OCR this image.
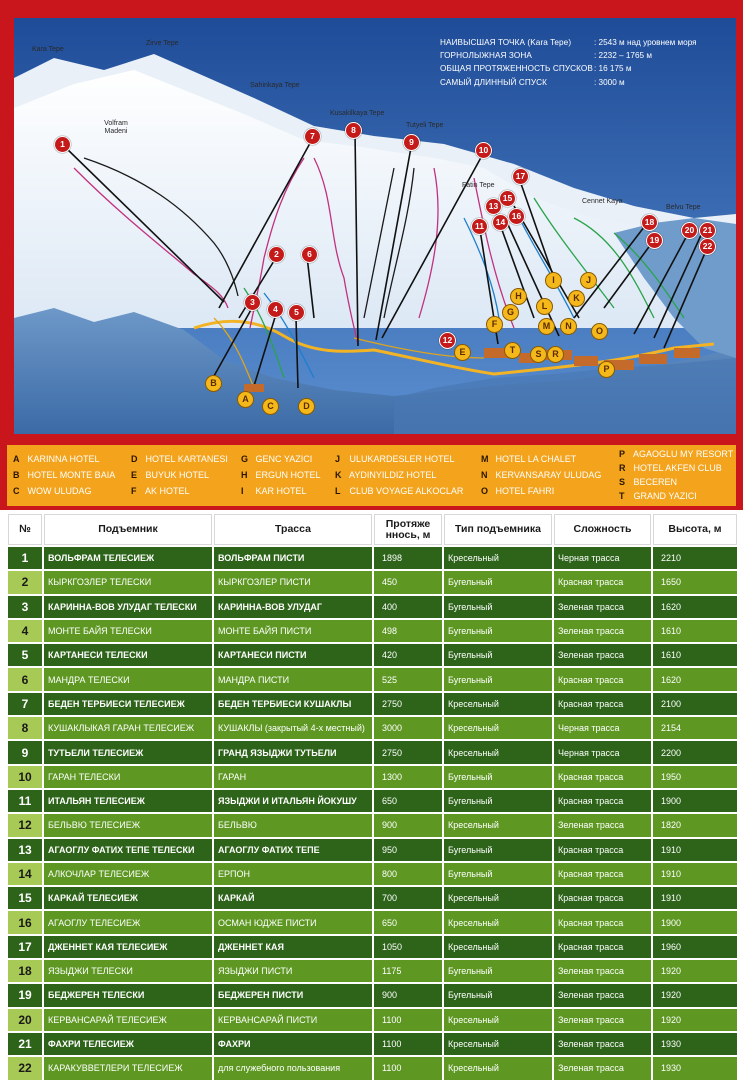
НАИВЫСШАЯ ТОЧКА (Kara Tepe)	: 2543 м над уровнем моря
ГОРНОЛЫЖНАЯ ЗОНА	: 2232 – 1765 м
ОБЩАЯ ПРОТЯЖЕННОСТЬ СПУСКОВ : 16 175 м
САМЫЙ ДЛИННЫЙ СПУСК	: 3000 м
Kara Tepe
Zirve Tepe
Sahinkaya Tepe
Volfram Madeni
Kusakilkaya Tepe
Tutyeli Tepe
Fatin Tepe
Cennet Kaya
Belvu Tepe
1
2
3
4	5
6
7
8
9
10
11
12
13
14
15
16
17
18
19
20	21
22
A
B
C	D
E
F
G
H
I	J
K
L
M	N	O
P
R
S
T
A KARINNA HOTEL
B HOTEL MONTE BAIA
C WOW ULUDAG
D HOTEL KARTANESI
E BUYUK HOTEL
F AK HOTEL
G GENC YAZICI
H ERGUN HOTEL
I KAR HOTEL
J ULUKARDESLER HOTEL
K AYDINYILDIZ HOTEL
L CLUB VOYAGE ALKOCLAR
M HOTEL LA CHALET
N KERVANSARAY ULUDAG
O HOTEL FAHRI
P AGAOGLU MY RESORT
R HOTEL AKFEN CLUB
S BECEREN
T GRAND YAZICI
№	Подъемник	Трасса	Протяже ннось, м	Тип подъемника	Сложность	Высота, м
1	ВОЛЬФРАМ ТЕЛЕСИЕЖ	ВОЛЬФРАМ ПИСТИ	1898	Кресельный	Черная трасса	2210
2	КЫРКГОЗЛЕР ТЕЛЕСКИ	КЫРКГОЗЛЕР ПИСТИ	450	Бугельный	Красная трасса	1650
3	КАРИННА-ВОВ УЛУДАГ ТЕЛЕСКИ	КАРИННА-ВОВ УЛУДАГ	400	Бугельный	Зеленая трасса	1620
4	МОНТЕ БАЙЯ ТЕЛЕСКИ	МОНТЕ БАЙЯ ПИСТИ	498	Бугельный	Зеленая трасса	1610
5	КАРТАНЕСИ ТЕЛЕСКИ	КАРТАНЕСИ ПИСТИ	420	Бугельный	Зеленая трасса	1610
6	МАНДРА ТЕЛЕСКИ	МАНДРА ПИСТИ	525	Бугельный	Красная трасса	1620
7	БЕДЕН ТЕРБИЕСИ ТЕЛЕСИЕЖ	БЕДЕН ТЕРБИЕСИ КУШАКЛЫ	2750	Кресельный	Красная трасса	2100
8	КУШАКЛЫКАЯ ГАРАН ТЕЛЕСИЕЖ	КУШАКЛЫ (закрытый 4-х местный)	3000	Кресельный	Черная трасса	2154
9	ТУТЬЕЛИ ТЕЛЕСИЕЖ	ГРАНД ЯЗЫДЖИ ТУТЬЕЛИ	2750	Кресельный	Черная трасса	2200
10	ГАРАН ТЕЛЕСКИ	ГАРАН	1300	Бугельный	Красная трасса	1950
11	ИТАЛЬЯН ТЕЛЕСИЕЖ	ЯЗЫДЖИ И ИТАЛЬЯН ЙОКУШУ	650	Бугельный	Красная трасса	1900
12	БЕЛЬВЮ ТЕЛЕСИЕЖ	БЕЛЬВЮ	900	Кресельный	Зеленая трасса	1820
13	АГАОГЛУ ФАТИХ ТЕПЕ ТЕЛЕСКИ	АГАОГЛУ ФАТИХ ТЕПЕ	950	Бугельный	Красная трасса	1910
14	АЛКОЧЛАР ТЕЛЕСИЕЖ	ЕРПОН	800	Бугельный	Красная трасса	1910
15	КАРКАЙ ТЕЛЕСИЕЖ	КАРКАЙ	700	Кресельный	Красная трасса	1910
16	АГАОГЛУ ТЕЛЕСИЕЖ	ОСМАН ЮДЖЕ ПИСТИ	650	Кресельный	Красная трасса	1900
17	ДЖЕННЕТ КАЯ ТЕЛЕСИЕЖ	ДЖЕННЕТ КАЯ	1050	Кресельный	Красная трасса	1960
18	ЯЗЫДЖИ ТЕЛЕСКИ	ЯЗЫДЖИ ПИСТИ	1175	Бугельный	Зеленая трасса	1920
19	БЕДЖЕРЕН ТЕЛЕСКИ	БЕДЖЕРЕН ПИСТИ	900	Бугельный	Зеленая трасса	1920
20	КЕРВАНСАРАЙ ТЕЛЕСИЕЖ	КЕРВАНСАРАЙ ПИСТИ	1100	Кресельный	Зеленая трасса	1920
21	ФАХРИ ТЕЛЕСИЕЖ	ФАХРИ	1100	Кресельный	Зеленая трасса	1930
22	КАРАКУВВЕТЛЕРИ ТЕЛЕСИЕЖ	для служебного пользования	1100	Кресельный	Зеленая трасса	1930
